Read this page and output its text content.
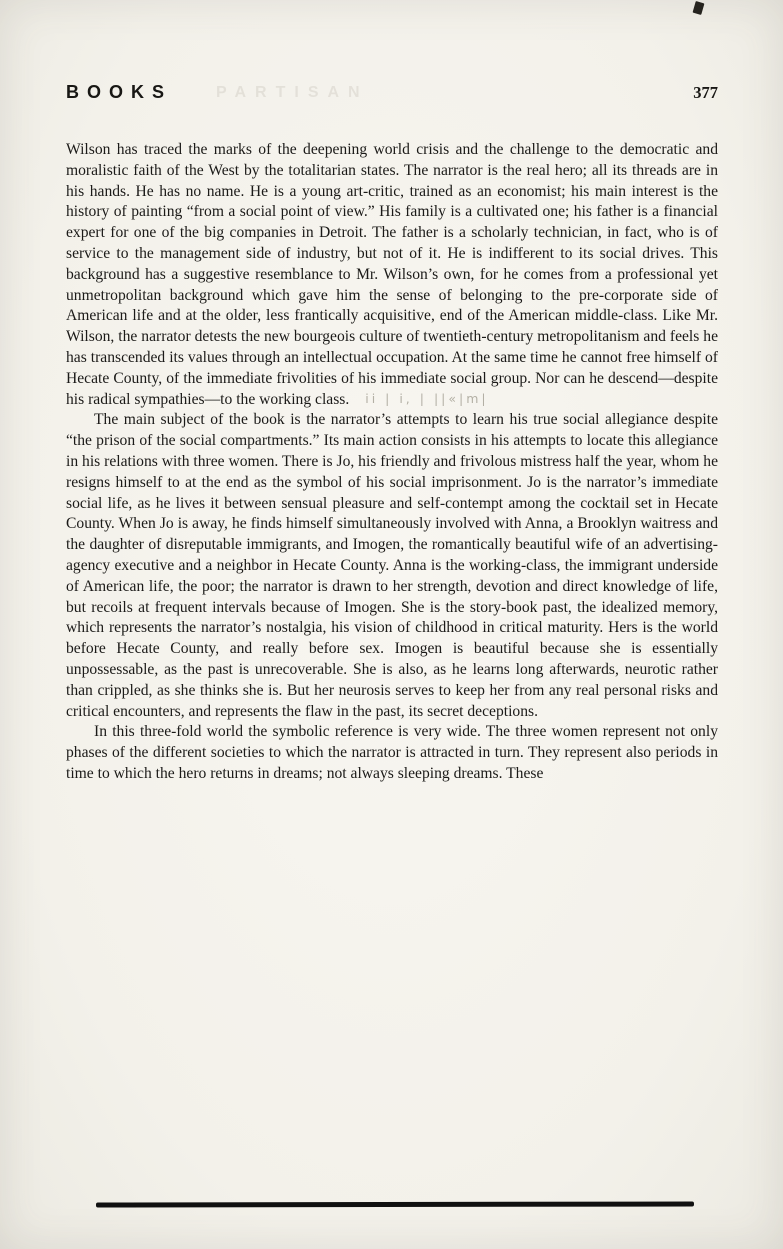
PARTISAN
BOOKS	377

Wilson has traced the marks of the deepening world crisis and the challenge to the democratic and moralistic faith of the West by the totalitarian states. The narrator is the real hero; all its threads are in his hands. He has no name. He is a young art-critic, trained as an economist; his main interest is the history of painting “from a social point of view.” His family is a cultivated one; his father is a financial expert for one of the big companies in Detroit. The father is a scholarly technician, in fact, who is of service to the management side of industry, but not of it. He is indifferent to its social drives. This background has a suggestive resemblance to Mr. Wilson’s own, for he comes from a professional yet unmetropolitan background which gave him the sense of belonging to the pre-corporate side of American life and at the older, less frantically acquisitive, end of the American middle-class. Like Mr. Wilson, the narrator detests the new bourgeois culture of twentieth-century metropolitanism and feels he has transcended its values through an intellectual occupation. At the same time he cannot free himself of Hecate County, of the immediate frivolities of his immediate social group. Nor can he descend—despite his radical sympathies—to the working class. ii | i, | ||«|m|

The main subject of the book is the narrator’s attempts to learn his true social allegiance despite “the prison of the social compartments.” Its main action consists in his attempts to locate this allegiance in his relations with three women. There is Jo, his friendly and frivolous mistress half the year, whom he resigns himself to at the end as the symbol of his social imprisonment. Jo is the narrator’s immediate social life, as he lives it between sensual pleasure and self-contempt among the cocktail set in Hecate County. When Jo is away, he finds himself simultaneously involved with Anna, a Brooklyn waitress and the daughter of disreputable immigrants, and Imogen, the romantically beautiful wife of an advertising-agency executive and a neighbor in Hecate County. Anna is the working-class, the immigrant underside of American life, the poor; the narrator is drawn to her strength, devotion and direct knowledge of life, but recoils at frequent intervals because of Imogen. She is the story-book past, the idealized memory, which represents the narrator’s nostalgia, his vision of childhood in critical maturity. Hers is the world before Hecate County, and really before sex. Imogen is beautiful because she is essentially unpossessable, as the past is unrecoverable. She is also, as he learns long afterwards, neurotic rather than crippled, as she thinks she is. But her neurosis serves to keep her from any real personal risks and critical encounters, and represents the flaw in the past, its secret deceptions.

In this three-fold world the symbolic reference is very wide. The three women represent not only phases of the different societies to which the narrator is attracted in turn. They represent also periods in time to which the hero returns in dreams; not always sleeping dreams. These
